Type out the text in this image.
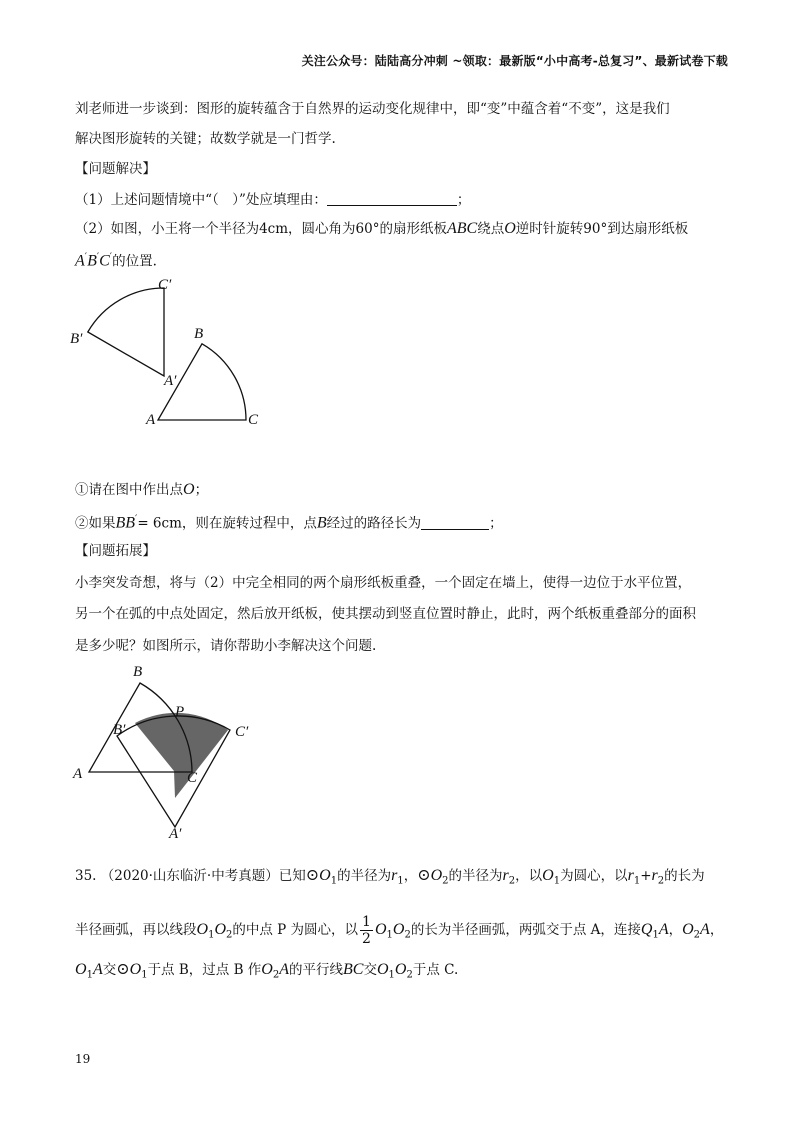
关注公众号：陆陆高分冲刺 ~领取：最新版“小中高考-总复习”、最新试卷下载
刘老师进一步谈到：图形的旋转蕴含于自然界的运动变化规律中，即“变”中蕴含着“不变”，这是我们
解决图形旋转的关键；故数学就是一门哲学.
【问题解决】
（1）上述问题情境中“（　）”处应填理由：	；
（2）如图，小王将一个半径为4cm，圆心角为60°的扇形纸板ABC绕点O逆时针旋转90°到达扇形纸板
A′B′C′的位置.
C′
B′
A′
B
A	C
①请在图中作出点O；
②如果BB′= 6cm，则在旋转过程中，点B经过的路径长为	；
【问题拓展】
小李突发奇想，将与（2）中完全相同的两个扇形纸板重叠，一个固定在墙上，使得一边位于水平位置，
另一个在弧的中点处固定，然后放开纸板，使其摆动到竖直位置时静止，此时，两个纸板重叠部分的面积
是多少呢？如图所示，请你帮助小李解决这个问题.
B
P
B′	C′
A	C
A′
35. （2020·山东临沂·中考真题）已知$⊙O_1$的半径为$r_1$，$⊙O_2$的半径为$r_2$，以$O_1$为圆心，以$r_1+r_2$的长为
半径画弧，再以线段$O_1O_2$的中点 P 为圆心，以 $\frac{1}{2} O_1O_2$的长为半径画弧，两弧交于点 A，连接$Q_1A$，$O_2A$，
$O_1A$交$⊙O_1$于点 B，过点 B 作$O_2A$的平行线BC交$O_1O_2$于点 C.
19
